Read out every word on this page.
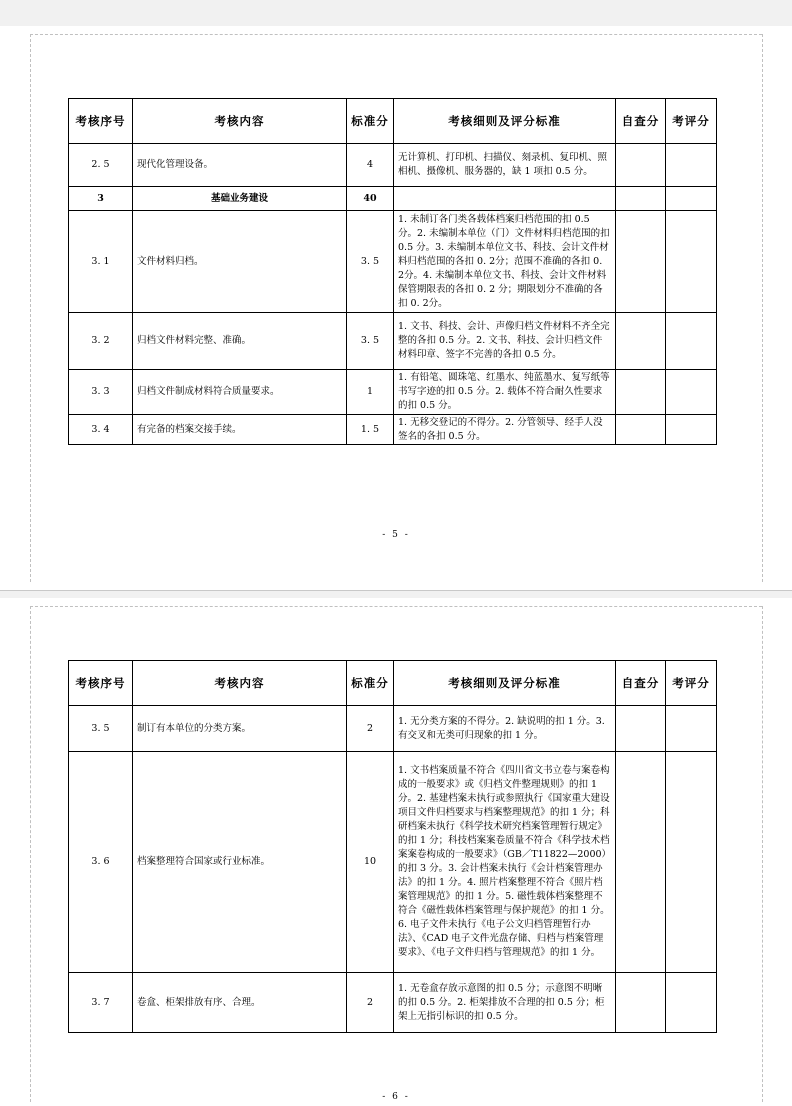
考核序号	考核内容	标准分	考核细则及评分标准	自查分	考评分
2. 5	现代化管理设备。	4	无计算机、打印机、扫描仪、刻录机、复印机、照相机、摄像机、服务器的，缺 1 项扣 0.5 分。		
3	基础业务建设	40			
3. 1	文件材料归档。	3. 5	1. 未制订各门类各载体档案归档范围的扣 0.5 分。2. 未编制本单位（门）文件材料归档范围的扣 0.5 分。3. 未编制本单位文书、科技、会计文件材料归档范围的各扣 0. 2分；范围不准确的各扣 0. 2分。4. 未编制本单位文书、科技、会计文件材料保管期限表的各扣 0. 2 分；期限划分不准确的各扣 0. 2分。		
3. 2	归档文件材料完整、准确。	3. 5	1. 文书、科技、会计、声像归档文件材料不齐全完整的各扣 0.5 分。2. 文书、科技、会计归档文件材料印章、签字不完善的各扣 0.5 分。		
3. 3	归档文件制成材料符合质量要求。	1	1. 有铅笔、圆珠笔、红墨水、纯蓝墨水、复写纸等书写字迹的扣 0.5 分。2. 载体不符合耐久性要求的扣 0.5 分。		
3. 4	有完备的档案交接手续。	1. 5	1. 无移交登记的不得分。2. 分管领导、经手人没签名的各扣 0.5 分。		
- 5 -
考核序号	考核内容	标准分	考核细则及评分标准	自查分	考评分
3. 5	制订有本单位的分类方案。	2	1. 无分类方案的不得分。2. 缺说明的扣 1 分。3. 有交叉和无类可归现象的扣 1 分。		
3. 6	档案整理符合国家或行业标准。	10	1. 文书档案质量不符合《四川省文书立卷与案卷构成的一般要求》或《归档文件整理规则》的扣 1 分。2. 基建档案未执行或参照执行《国家重大建设项目文件归档要求与档案整理规范》的扣 1 分；科研档案未执行《科学技术研究档案管理暂行规定》的扣 1 分；科技档案案卷质量不符合《科学技术档案案卷构成的一般要求》（GB／T11822—2000）的扣 3 分。3. 会计档案未执行《会计档案管理办法》的扣 1 分。4. 照片档案整理不符合《照片档案管理规范》的扣 1 分。5. 磁性载体档案整理不符合《磁性载体档案管理与保护规范》的扣 1 分。6. 电子文件未执行《电子公文归档管理暂行办法》、《CAD 电子文件光盘存储、归档与档案管理要求》、《电子文件归档与管理规范》的扣 1 分。		
3. 7	卷盒、柜架排放有序、合理。	2	1. 无卷盒存放示意图的扣 0.5 分；示意图不明晰的扣 0.5 分。2. 柜架排放不合理的扣 0.5 分；柜架上无指引标识的扣 0.5 分。		
- 6 -
